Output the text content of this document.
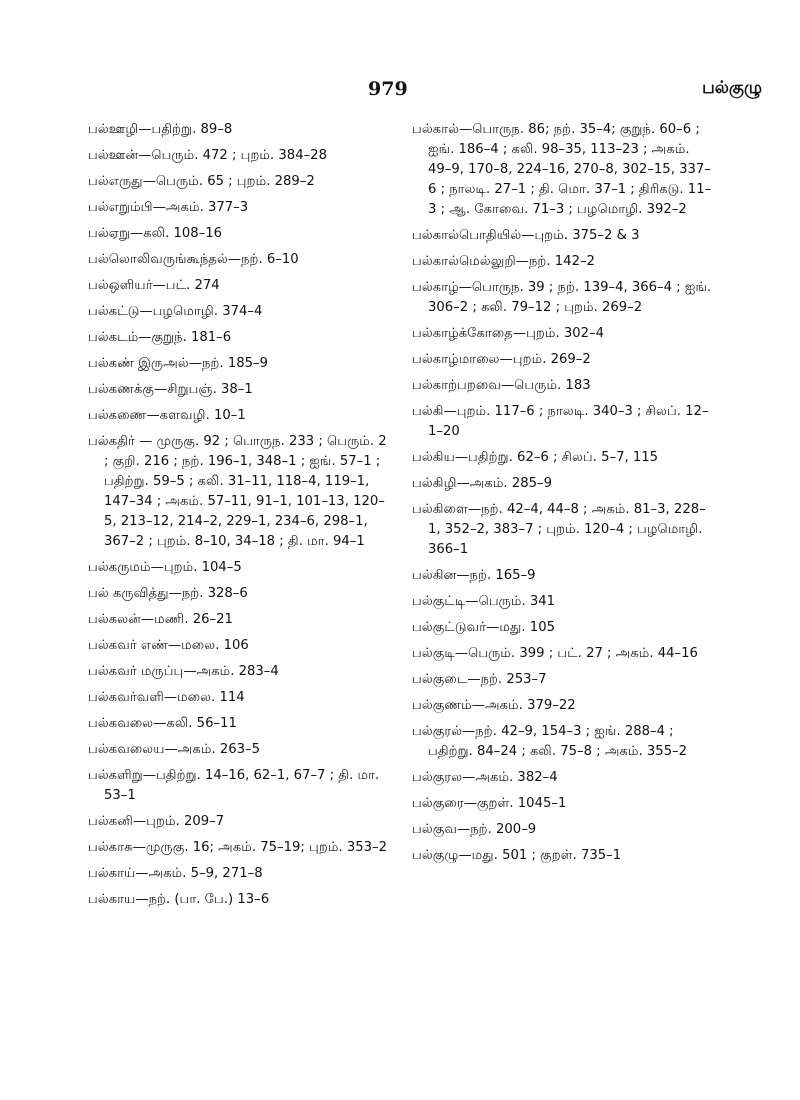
979	பல்குழு
பல்ஊழி—பதிற்று. 89–8
பல்ஊன்—பெரும். 472 ; புறம். 384–28
பல்எருது—பெரும். 65 ; புறம். 289–2
பல்எறும்பி—அகம். 377–3
பல்ஏறு—கலி. 108–16
பல்லொலிவருங்கூந்தல்—நற். 6–10
பல்ஒளியர்—பட். 274
பல்கட்டு—பழமொழி. 374–4
பல்கடம்—குறுந். 181–6
பல்கண் இருஅல்—நற். 185–9
பல்கணக்கு—சிறுபஞ். 38–1
பல்கணை—களவழி. 10–1
பல்கதிர் — முருகு. 92 ; பொருந. 233 ; பெரும். 2 ; குறி. 216 ; நற். 196–1, 348–1 ; ஐங். 57–1 ; பதிற்று. 59–5 ; கலி. 31–11, 118–4, 119–1, 147–34 ; அகம். 57–11, 91–1, 101–13, 120–5, 213–12, 214–2, 229–1, 234–6, 298–1, 367–2 ; புறம். 8–10, 34–18 ; தி. மா. 94–1
பல்கருமம்—புறம். 104–5
பல் கருவித்து—நற். 328–6
பல்கலன்—மணி. 26–21
பல்கவர் எண்—மலை. 106
பல்கவர் மருப்பு—அகம். 283–4
பல்கவர்வளி—மலை. 114
பல்கவலை—கலி. 56–11
பல்கவலைய—அகம். 263–5
பல்களிறு—பதிற்று. 14–16, 62–1, 67–7 ; தி. மா. 53–1
பல்கனி—புறம். 209–7
பல்காசு—முருகு. 16; அகம். 75–19; புறம். 353–2
பல்காய்—அகம். 5–9, 271–8
பல்காய—நற். (பா. பே.) 13–6
பல்கால்—பொருந. 86; நற். 35–4; குறுந். 60–6 ; ஐங். 186–4 ; கலி. 98–35, 113–23 ; அகம். 49–9, 170–8, 224–16, 270–8, 302–15, 337–6 ; நாலடி. 27–1 ; தி. மொ. 37–1 ; திரிகடு. 11–3 ; ஆ. கோவை. 71–3 ; பழமொழி. 392–2
பல்கால்பொதியில்—புறம். 375–2 & 3
பல்கால்மெல்லுறி—நற். 142–2
பல்காழ்—பொருந. 39 ; நற். 139–4, 366–4 ; ஐங். 306–2 ; கலி. 79–12 ; புறம். 269–2
பல்காழ்க்கோதை—புறம். 302–4
பல்காழ்மாலை—புறம். 269–2
பல்காற்பறவை—பெரும். 183
பல்கி—புறம். 117–6 ; நாலடி. 340–3 ; சிலப். 12–1–20
பல்கிய—பதிற்று. 62–6 ; சிலப். 5–7, 115
பல்கிழி—அகம். 285–9
பல்கிளை—நற். 42–4, 44–8 ; அகம். 81–3, 228–1, 352–2, 383–7 ; புறம். 120–4 ; பழமொழி. 366–1
பல்கின—நற். 165–9
பல்குட்டி—பெரும். 341
பல்குட்டுவர்—மது. 105
பல்குடி—பெரும். 399 ; பட். 27 ; அகம். 44–16
பல்குடை—நற். 253–7
பல்குணம்—அகம். 379–22
பல்குரல்—நற். 42–9, 154–3 ; ஐங். 288–4 ; பதிற்று. 84–24 ; கலி. 75–8 ; அகம். 355–2
பல்குரல—அகம். 382–4
பல்குரை—குறள். 1045–1
பல்குவ—நற். 200–9
பல்குழு—மது. 501 ; குறள். 735–1
